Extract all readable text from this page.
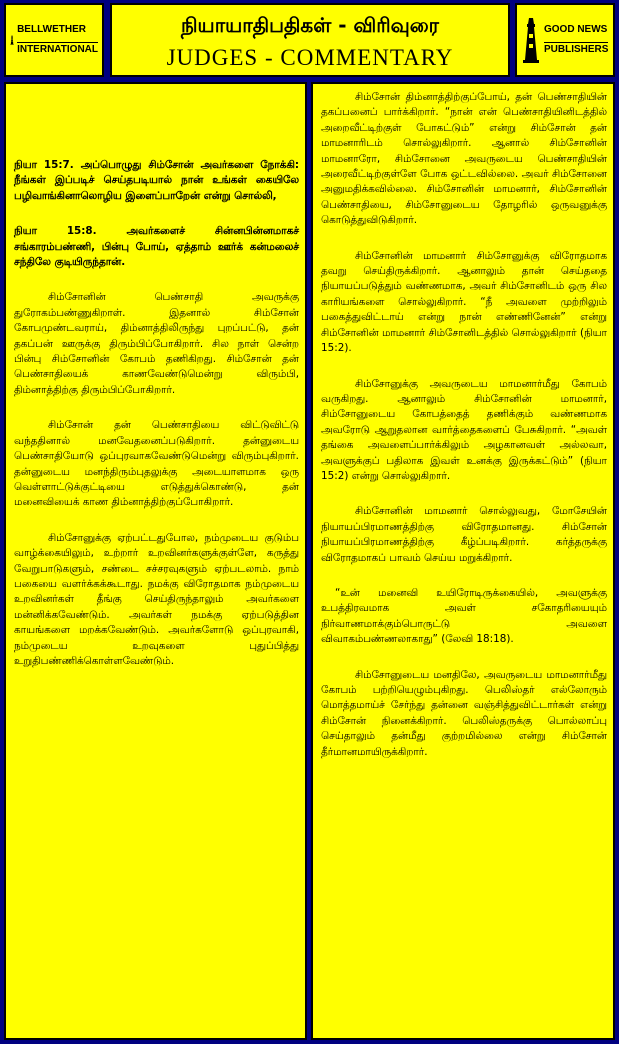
BELLWETHER
INTERNATIONAL
நியாயாதிபதிகள் - விரிவுரை
JUDGES - COMMENTARY
GOOD NEWS
PUBLISHERS

நியா 15:7. அப்பொழுது சிம்சோன் அவர்களை நோக்கி: நீங்கள் இப்படிச் செய்தபடியால் நான் உங்கள் கையிலே பழிவாங்கினாலொழிய இளைப்பாறேன் என்று சொல்லி,

நியா 15:8. அவர்களைச் சின்னபின்னமாகச் சங்காரம்பண்ணி, பின்பு போய், ஏத்தாம் ஊர்க் கன்மலைச் சந்திலே குடியிருந்தான்.

சிம்சோனின் பெண்சாதி அவருக்கு துரோகம்பண்ணுகிறாள். இதனால் சிம்சோன் கோபமுண்டவராய், திம்னாத்திலிருந்து புறப்பட்டு, தன் தகப்பன் ஊருக்கு திரும்பிப்போகிறார். சில நாள் சென்ற பின்பு சிம்சோனின் கோபம் தணிகிறது. சிம்சோன் தன் பெண்சாதியைக் காணவேண்டுமென்று விரும்பி, திம்னாத்திற்கு திரும்பிப்போகிறார்.

சிம்சோன் தன் பெண்சாதியை விட்டுவிட்டு வந்ததினால் மனவேதனைப்படுகிறார். தன்னுடைய பெண்சாதியோடு ஒப்புரவாகவேண்டுமென்று விரும்புகிறார். தன்னுடைய மனந்திரும்புதலுக்கு அடையாளமாக ஒரு வெள்ளாட்டுக்குட்டியை எடுத்துக்கொண்டு, தன் மனைவியைக் காண திம்னாத்திற்குப்போகிறார்.

சிம்சோனுக்கு ஏற்பட்டதுபோல, நம்முடைய குடும்ப வாழ்க்கையிலும், உற்றார் உறவினர்களுக்குள்ளே, கருத்து வேறுபாடுகளும், சண்டை சச்சரவுகளும் ஏற்படலாம். நாம் பகையை வளர்க்கக்கூடாது. நமக்கு விரோதமாக நம்முடைய உறவினர்கள் தீங்கு செய்திருந்தாலும் அவர்களை மன்னிக்கவேண்டும். அவர்கள் நமக்கு ஏற்படுத்தின காயங்களை மறக்கவேண்டும். அவர்களோடு ஒப்புரவாகி, நம்முடைய உறவுகளை புதுப்பித்து உறுதிபண்ணிக்கொள்ளவேண்டும்.

சிம்சோன் திம்னாத்திற்குப்போய், தன் பெண்சாதியின் தகப்பனைப் பார்க்கிறார். “நான் என் பெண்சாதியினிடத்தில் அறைவீட்டிற்குள் போகட்டும்” என்று சிம்சோன் தன் மாமனாரிடம் சொல்லுகிறார். ஆனால் சிம்சோனின் மாமனாரோ, சிம்சோனை அவருடைய பெண்சாதியின் அரைவீட்டிற்குள்ளே போக ஒட்டவில்லை. அவர் சிம்சோனை அனுமதிக்கவில்லை. சிம்சோனின் மாமனார், சிம்சோனின் பெண்சாதியை, சிம்சோனுடைய தோழரில் ஒருவனுக்கு கொடுத்துவிடுகிறார்.

சிம்சோனின் மாமனார் சிம்சோனுக்கு விரோதமாக தவறு செய்திருக்கிறார். ஆனாலும் தான் செய்ததை நியாயப்படுத்தும் வண்ணமாக, அவர் சிம்சோனிடம் ஒரு சில காரியங்களை சொல்லுகிறார். “நீ அவளை முற்றிலும் பகைத்துவிட்டாய் என்று நான் எண்ணினேன்” என்று சிம்சோனின் மாமனார் சிம்சோனிடத்தில் சொல்லுகிறார் (நியா 15:2).

சிம்சோனுக்கு அவருடைய மாமனார்மீது கோபம் வருகிறது. ஆனாலும் சிம்சோனின் மாமனார், சிம்சோனுடைய கோபத்தைத் தணிக்கும் வண்ணமாக அவரோடு ஆறுதலான வார்த்தைகளைப் பேசுகிறார். “அவள் தங்கை அவளைப்பார்க்கிலும் அழகானவள் அல்லவா, அவளுக்குப் பதிலாக இவள் உனக்கு இருக்கட்டும்” (நியா 15:2) என்று சொல்லுகிறார்.

சிம்சோனின் மாமனார் சொல்லுவது, மோசேயின் நியாயப்பிரமாணத்திற்கு விரோதமானது. சிம்சோன் நியாயப்பிரமாணத்திற்கு கீழ்ப்படிகிறார். கர்த்தருக்கு விரோதமாகப் பாவம் செய்ய மறுக்கிறார்.

“உன் மனைவி உயிரோடிருக்கையில், அவளுக்கு உபத்திரவமாக அவள் சகோதரியையும் நிர்வாணமாக்கும்பொருட்டு அவளை விவாகம்பண்ணலாகாது” (லேவி 18:18).

சிம்சோனுடைய மனதிலே, அவருடைய மாமனார்மீது கோபம் பற்றியெழும்புகிறது. பெலிஸ்தர் எல்லோரும் மொத்தமாய்ச் சேர்ந்து தன்னை வஞ்சித்துவிட்டார்கள் என்று சிம்சோன் நினைக்கிறார். பெலிஸ்தருக்கு பொல்லாப்பு செய்தாலும் தன்மீது குற்றமில்லை என்று சிம்சோன் தீர்மானமாயிருக்கிறார்.
